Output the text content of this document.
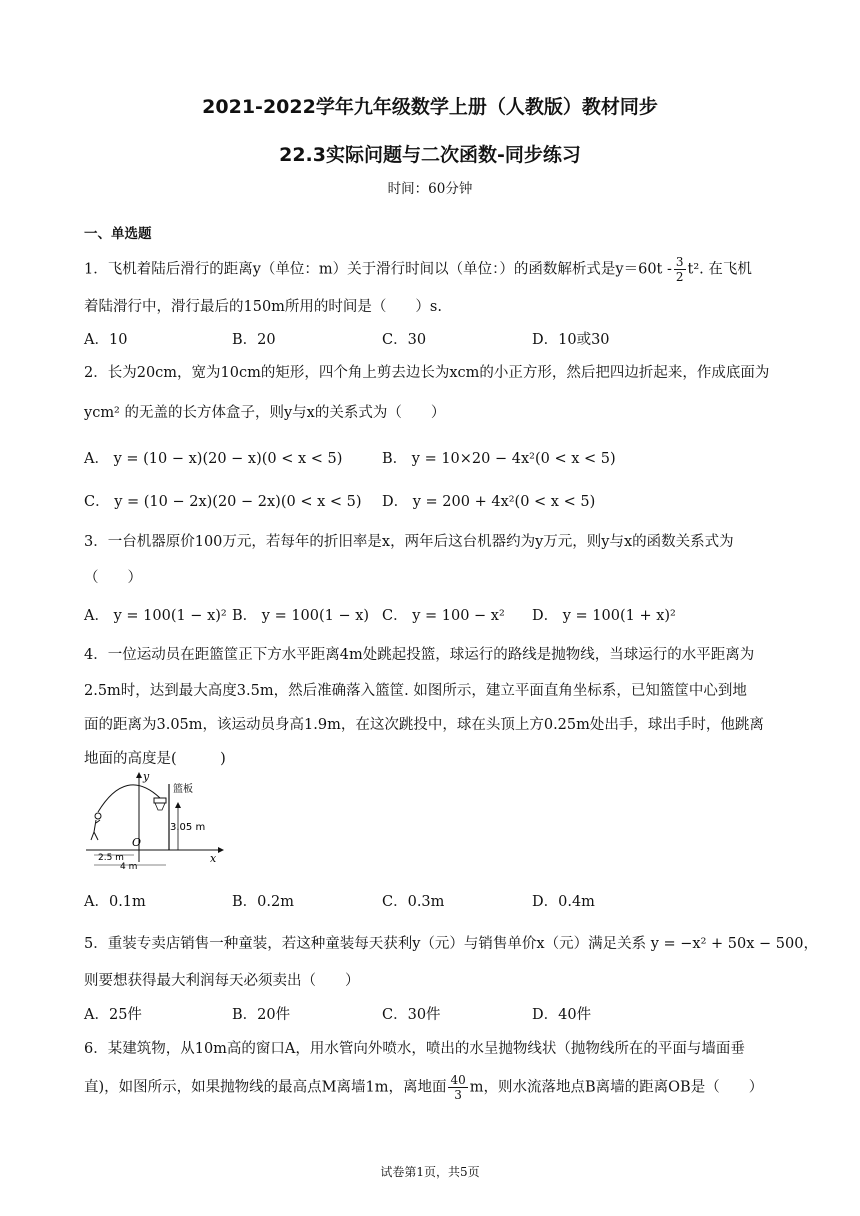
2021-2022学年九年级数学上册（人教版）教材同步
22.3实际问题与二次函数-同步练习
时间：60分钟
一、单选题
1．飞机着陆后滑行的距离y（单位：m）关于滑行时间以（单位：）的函数解析式是$y=60t - \frac{3}{2} t^2$. 在飞机
着陆滑行中，滑行最后的150m所用的时间是（　　）s.
A．10	B．20	C．30	D．10或30
2．长为20cm，宽为10cm的矩形，四个角上剪去边长为xcm的小正方形，然后把四边折起来，作成底面为
ycm² 的无盖的长方体盒子，则y与x的关系式为（　　）
A． y = (10 − x)(20 − x)(0 < x < 5)	B． y = 10×20 − 4x²(0 < x < 5)
C． y = (10 − 2x)(20 − 2x)(0 < x < 5) D． y = 200 + 4x²(0 < x < 5)
3．一台机器原价100万元，若每年的折旧率是x，两年后这台机器约为y万元，则y与x的函数关系式为
（　　）
A． y = 100(1 − x)² B． y = 100(1 − x) C． y = 100 − x² D． y = 100(1 + x)²
4．一位运动员在距篮筐正下方水平距离4m处跳起投篮，球运行的路线是抛物线，当球运行的水平距离为
2.5m时，达到最大高度3.5m，然后准确落入篮筐. 如图所示，建立平面直角坐标系，已知篮筐中心到地
面的距离为3.05m，该运动员身高1.9m，在这次跳投中，球在头顶上方0.25m处出手，球出手时，他跳离
地面的高度是(　　　)
篮板
3.05 m
2.5 m
4 m
O
x
y
A．0.1m	B．0.2m	C．0.3m	D．0.4m
5．重装专卖店销售一种童装，若这种童装每天获利y（元）与销售单价x（元）满足关系 y = −x² + 50x − 500，
则要想获得最大利润每天必须卖出（　　）
A．25件	B．20件	C．30件	D．40件
6．某建筑物，从10m高的窗口A，用水管向外喷水，喷出的水呈抛物线状（抛物线所在的平面与墙面垂
直)，如图所示，如果抛物线的最高点M离墙1m，离地面 $\frac{40}{3}$ m，则水流落地点B离墙的距离OB是（　　）
试卷第1页，共5页
